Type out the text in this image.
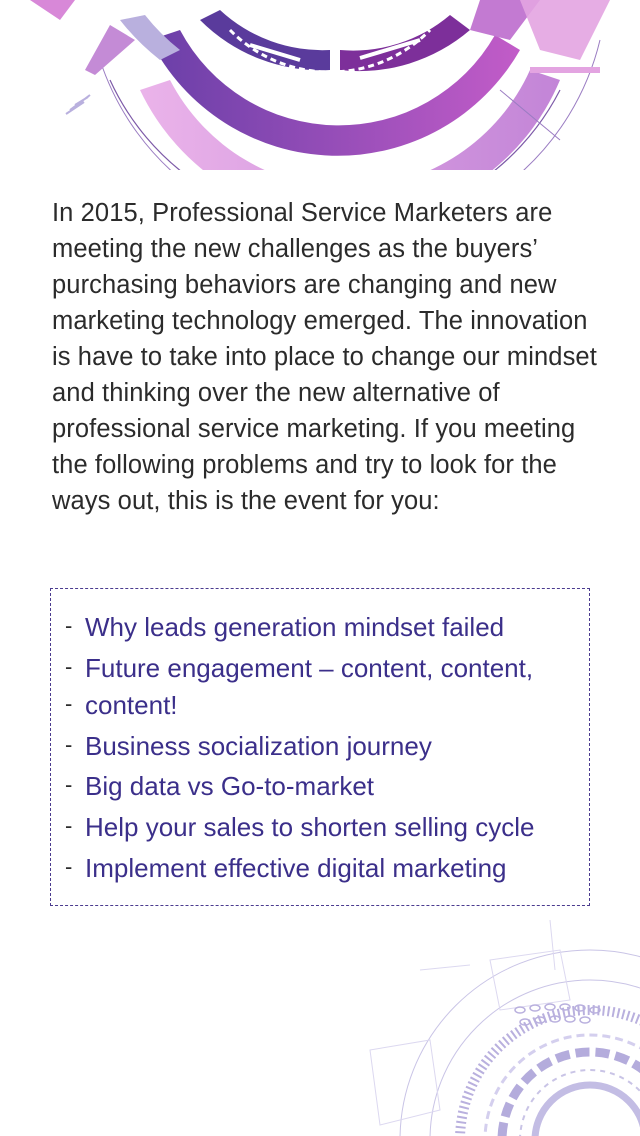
In 2015, Professional Service Marketers are meeting the new challenges as the buyers’ purchasing behaviors are changing and new marketing technology emerged. The innovation is have to take into place to change our mindset and thinking over the new alternative of professional service marketing. If you meeting the following problems and try to look for the ways out, this is the event for you:

- Why leads generation mindset failed
- Future engagement – content, content,
- content!
- Business socialization journey
- Big data vs Go-to-market
- Help your sales to shorten selling cycle
- Implement effective digital marketing
